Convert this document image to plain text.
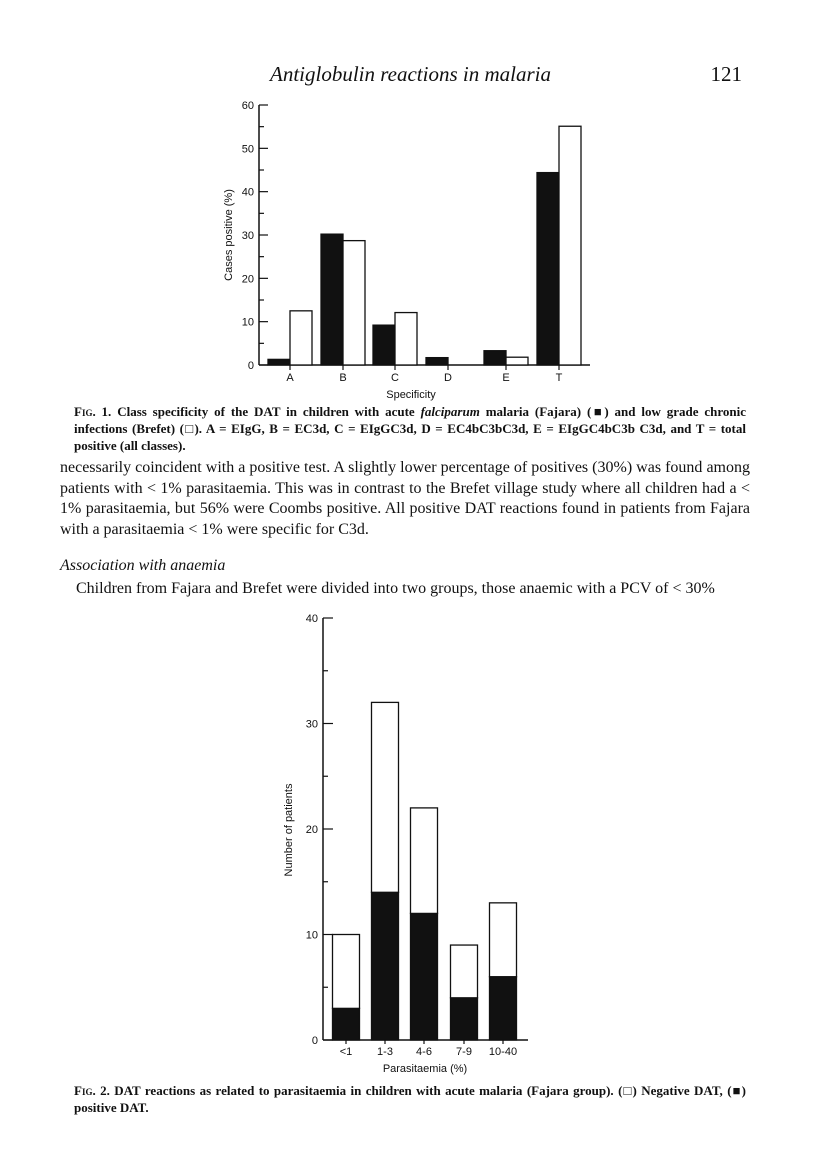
Antiglobulin reactions in malaria	121
0
10
20
30
40
50
60
A	B	C	D	E	T
Specificity
Cases positive (%)
Fig. 1. Class specificity of the DAT in children with acute falciparum malaria (Fajara) (■) and low grade chronic infections (Brefet) (□). A = EIgG, B = EC3d, C = EIgGC3d, D = EC4bC3bC3d, E = EIgGC4bC3b C3d, and T = total positive (all classes).

necessarily coincident with a positive test. A slightly lower percentage of positives (30%) was found among patients with < 1% parasitaemia. This was in contrast to the Brefet village study where all children had a < 1% parasitaemia, but 56% were Coombs positive. All positive DAT reactions found in patients from Fajara with a parasitaemia < 1% were specific for C3d.

Association with anaemia
Children from Fajara and Brefet were divided into two groups, those anaemic with a PCV of < 30%
0
10
20
30
40
<1 1-3 4-6 7-9 10-40
Parasitaemia (%)
Number of patients
Fig. 2. DAT reactions as related to parasitaemia in children with acute malaria (Fajara group). (□) Negative DAT, (■) positive DAT.
